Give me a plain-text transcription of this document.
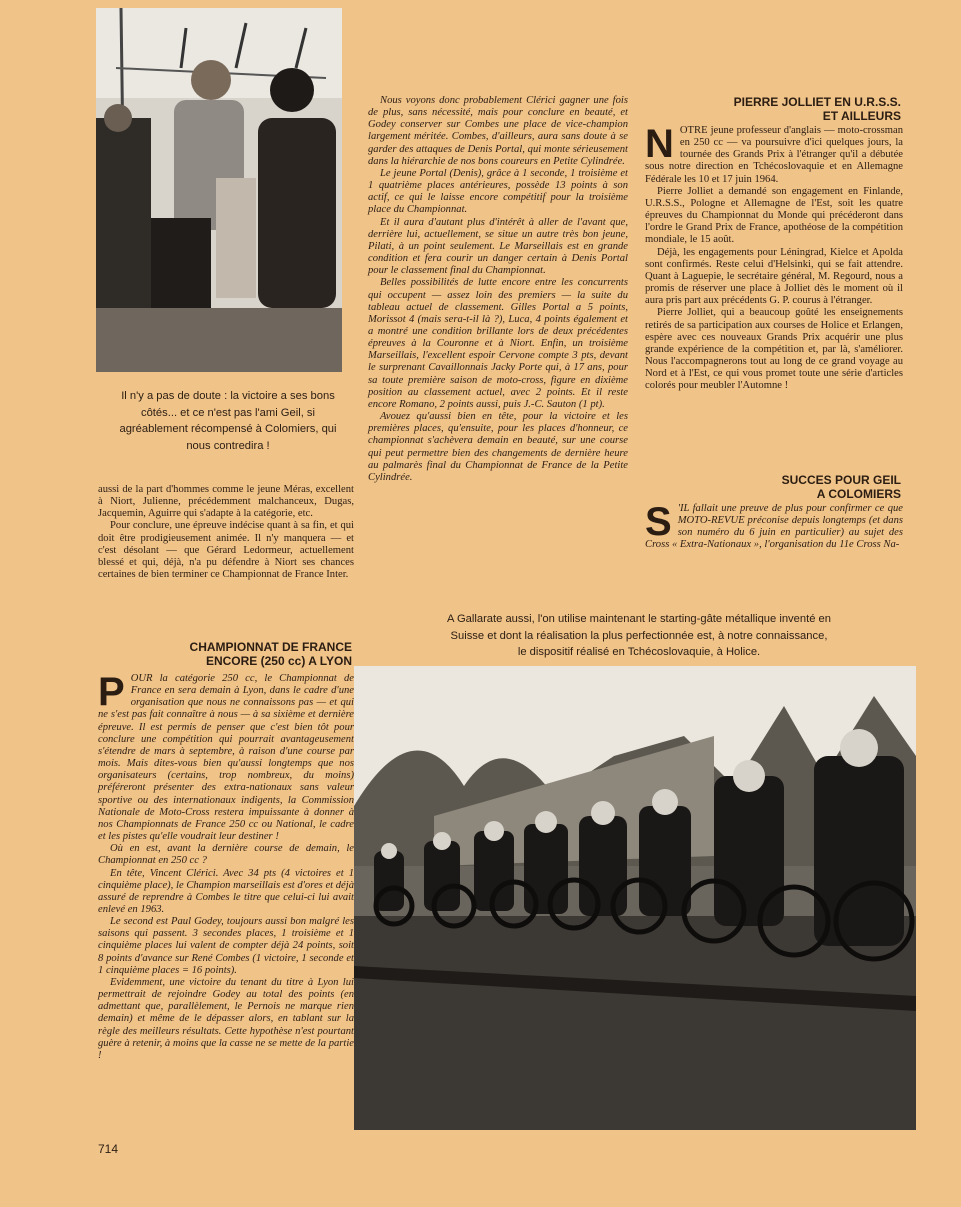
Il n'y a pas de doute : la victoire a ses bons côtés... et ce n'est pas l'ami Geil, si agréablement récompensé à Colomiers, qui nous contredira !

aussi de la part d'hommes comme le jeune Méras, excellent à Niort, Julienne, précédemment malchanceux, Dugas, Jacquemin, Aguirre qui s'adapte à la catégorie, etc.

Pour conclure, une épreuve indécise quant à sa fin, et qui doit être prodigieusement animée. Il n'y manquera — et c'est désolant — que Gérard Ledormeur, actuellement blessé et qui, déjà, n'a pu défendre à Niort ses chances certaines de bien terminer ce Championnat de France Inter.

CHAMPIONNAT DE FRANCE
ENCORE (250 cc) A LYON

POUR la catégorie 250 cc, le Championnat de France en sera demain à Lyon, dans le cadre d'une organisation que nous ne connaissons pas — et qui ne s'est pas fait connaître à nous — à sa sixième et dernière épreuve. Il est permis de penser que c'est bien tôt pour conclure une compétition qui pourrait avantageusement s'étendre de mars à septembre, à raison d'une course par mois. Mais dites-vous bien qu'aussi longtemps que nos organisateurs (certains, trop nombreux, du moins) préféreront présenter des extra-nationaux sans valeur sportive ou des internationaux indigents, la Commission Nationale de Moto-Cross restera impuissante à donner à nos Championnats de France 250 cc ou National, le cadre et les pistes qu'elle voudrait leur destiner !

Où en est, avant la dernière course de demain, le Championnat en 250 cc ?

En tête, Vincent Clérici. Avec 34 pts (4 victoires et 1 cinquième place), le Champion marseillais est d'ores et déjà assuré de reprendre à Combes le titre que celui-ci lui avait enlevé en 1963.

Le second est Paul Godey, toujours aussi bon malgré les saisons qui passent. 3 secondes places, 1 troisième et 1 cinquième places lui valent de compter déjà 24 points, soit 8 points d'avance sur René Combes (1 victoire, 1 seconde et 1 cinquième places = 16 points).

Evidemment, une victoire du tenant du titre à Lyon lui permettrait de rejoindre Godey au total des points (en admettant que, parallèlement, le Pernois ne marque rien demain) et même de le dépasser alors, en tablant sur la règle des meilleurs résultats. Cette hypothèse n'est pourtant guère à retenir, à moins que la casse ne se mette de la partie !

714

Nous voyons donc probablement Clérici gagner une fois de plus, sans nécessité, mais pour conclure en beauté, et Godey conserver sur Combes une place de vice-champion largement méritée. Combes, d'ailleurs, aura sans doute à se garder des attaques de Denis Portal, qui monte sérieusement dans la hiérarchie de nos bons coureurs en Petite Cylindrée.

Le jeune Portal (Denis), grâce à 1 seconde, 1 troisième et 1 quatrième places antérieures, possède 13 points à son actif, ce qui le laisse encore compétitif pour la troisième place du Championnat.

Et il aura d'autant plus d'intérêt à aller de l'avant que, derrière lui, actuellement, se situe un autre très bon jeune, Pilati, à un point seulement. Le Marseillais est en grande condition et fera courir un danger certain à Denis Portal pour le classement final du Championnat.

Belles possibilités de lutte encore entre les concurrents qui occupent — assez loin des premiers — la suite du tableau actuel de classement. Gilles Portal a 5 points, Morissot 4 (mais sera-t-il là ?), Luca, 4 points également et a montré une condition brillante lors de deux précédentes épreuves à la Couronne et à Niort. Enfin, un troisième Marseillais, l'excellent espoir Cervone compte 3 pts, devant le surprenant Cavaillonnais Jacky Porte qui, à 17 ans, pour sa toute première saison de moto-cross, figure en dixième position au classement actuel, avec 2 points. Et il reste encore Romano, 2 points aussi, puis J.-C. Sauton (1 pt).

Avouez qu'aussi bien en tête, pour la victoire et les premières places, qu'ensuite, pour les places d'honneur, ce championnat s'achèvera demain en beauté, sur une course qui peut permettre bien des changements de dernière heure au palmarès final du Championnat de France de la Petite Cylindrée.

PIERRE JOLLIET EN U.R.S.S.
ET AILLEURS

NOTRE jeune professeur d'anglais — moto-crossman en 250 cc — va poursuivre d'ici quelques jours, la tournée des Grands Prix à l'étranger qu'il a débutée sous notre direction en Tchécoslovaquie et en Allemagne Fédérale les 10 et 17 juin 1964.

Pierre Jolliet a demandé son engagement en Finlande, U.R.S.S., Pologne et Allemagne de l'Est, soit les quatre épreuves du Championnat du Monde qui précéderont dans l'ordre le Grand Prix de France, apothéose de la compétition mondiale, le 15 août.

Déjà, les engagements pour Léningrad, Kielce et Apolda sont confirmés. Reste celui d'Helsinki, qui se fait attendre. Quant à Laguepie, le secrétaire général, M. Regourd, nous a promis de réserver une place à Jolliet dès le moment où il aura pris part aux précédents G. P. courus à l'étranger.

Pierre Jolliet, qui a beaucoup goûté les enseignements retirés de sa participation aux courses de Holice et Erlangen, espère avec ces nouveaux Grands Prix acquérir une plus grande expérience de la compétition et, par là, s'améliorer. Nous l'accompagnerons tout au long de ce grand voyage au Nord et à l'Est, ce qui vous promet toute une série d'articles colorés pour meubler l'Automne !

SUCCES POUR GEIL
A COLOMIERS

S 'IL fallait une preuve de plus pour confirmer ce que MOTO-REVUE préconise depuis longtemps (et dans son numéro du 6 juin en particulier) au sujet des Cross « Extra-Nationaux », l'organisation du 11e Cross Na-

A Gallarate aussi, l'on utilise maintenant le starting-gâte métallique inventé en Suisse et dont la réalisation la plus perfectionnée est, à notre connaissance, le dispositif réalisé en Tchécoslovaquie, à Holice.
